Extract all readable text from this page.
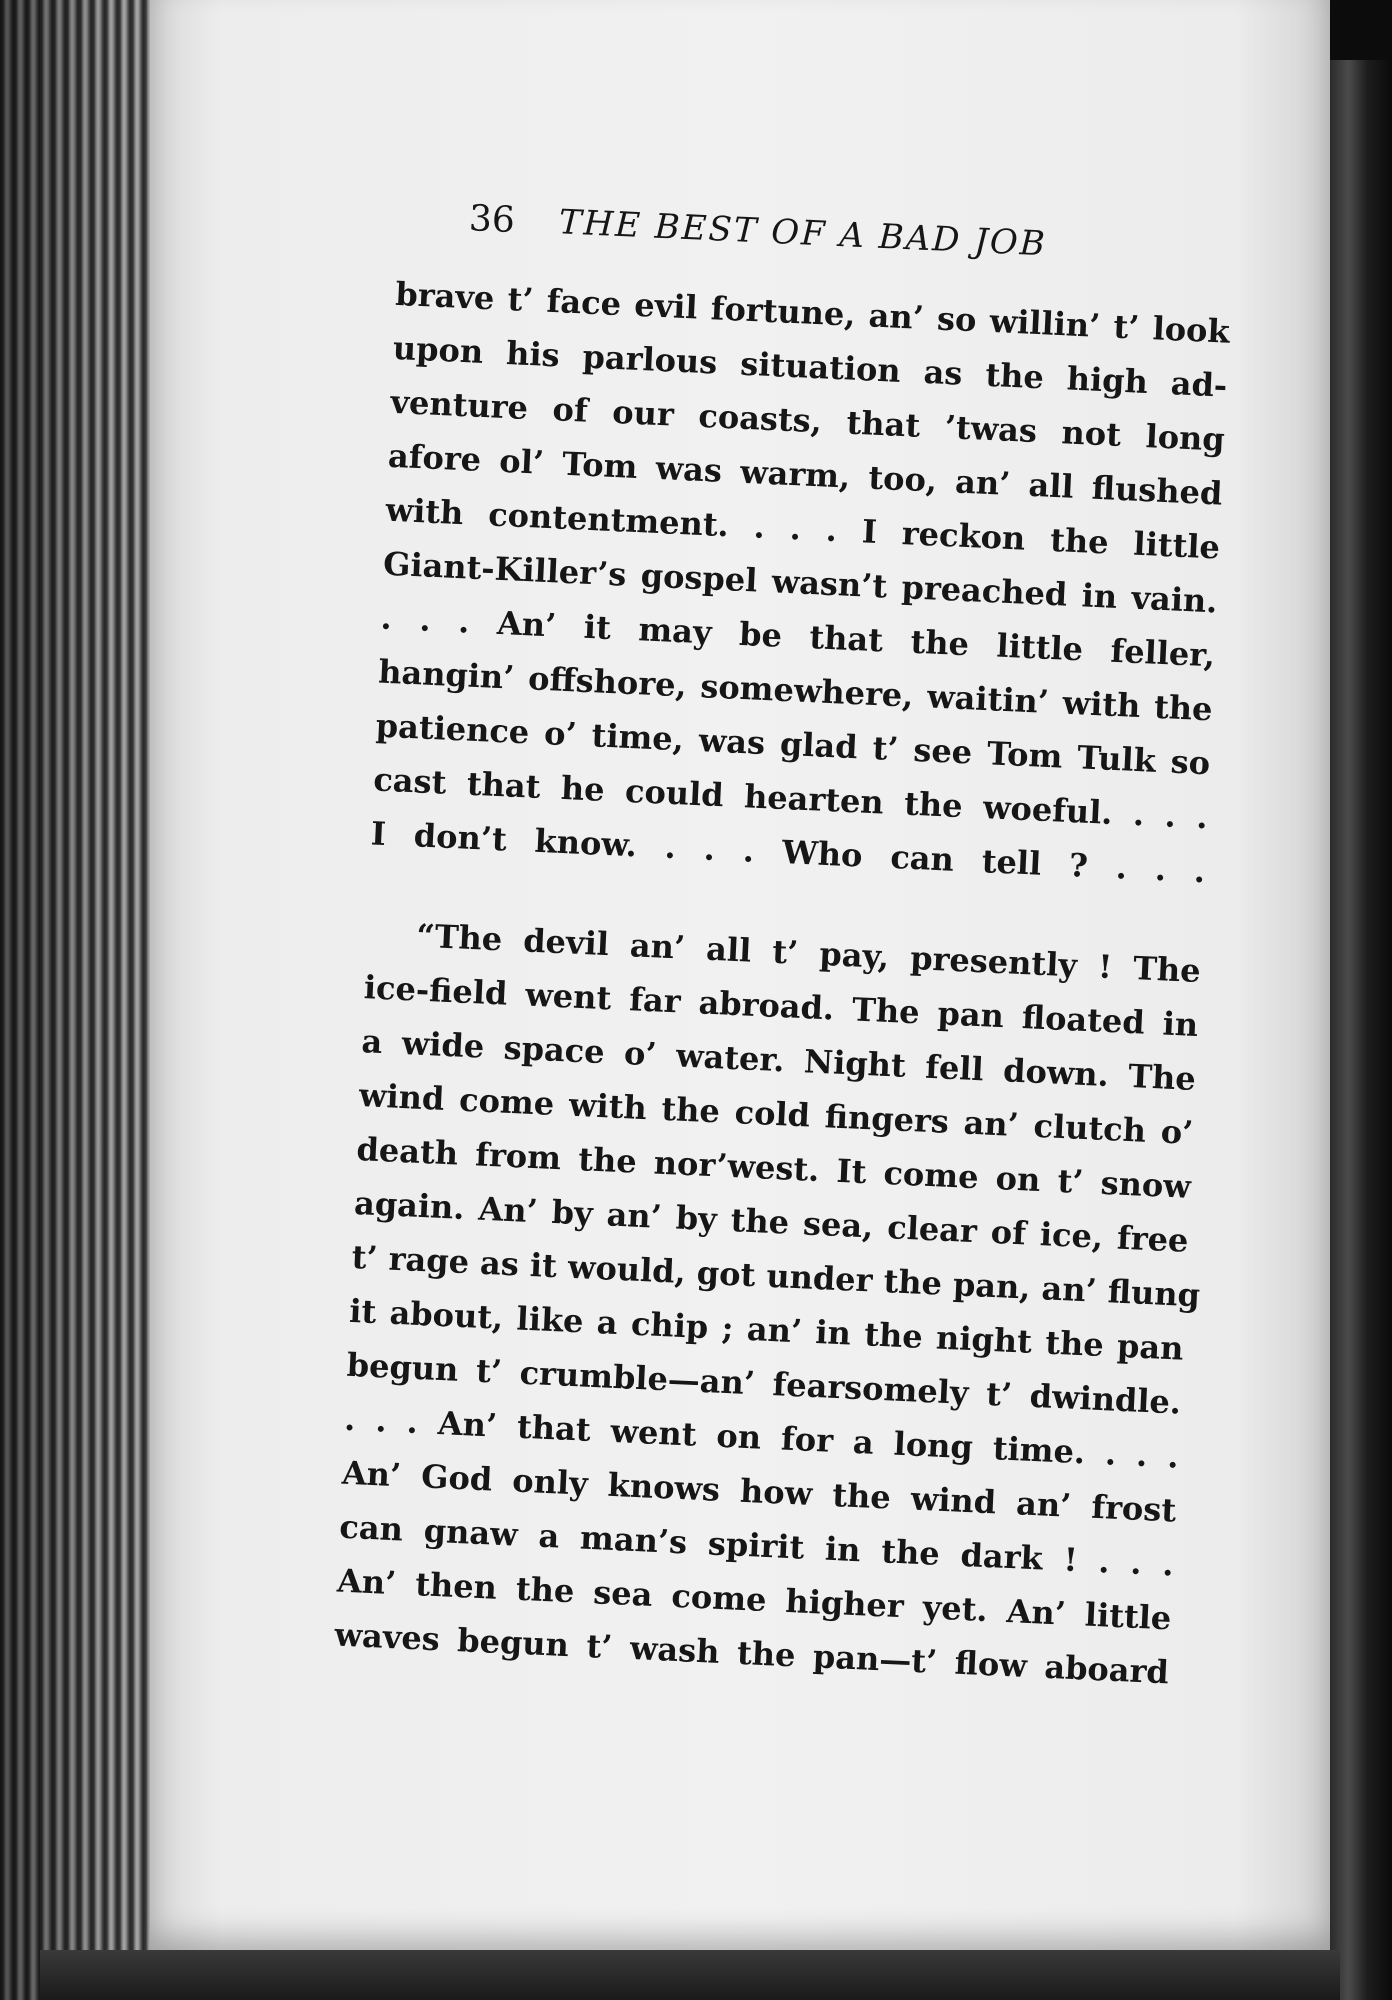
36 THE BEST OF A BAD JOB
brave t’ face evil fortune, an’ so willin’ t’ look
upon his parlous situation as the high ad-
venture of our coasts, that ’twas not long
afore ol’ Tom was warm, too, an’ all flushed
with contentment. . . . I reckon the little
Giant-Killer’s gospel wasn’t preached in vain.
. . . An’ it may be that the little feller,
hangin’ offshore, somewhere, waitin’ with the
patience o’ time, was glad t’ see Tom Tulk so
cast that he could hearten the woeful. . . .
I don’t know. . . . Who can tell ? . . .
“The devil an’ all t’ pay, presently ! The
ice-field went far abroad. The pan floated in
a wide space o’ water. Night fell down. The
wind come with the cold fingers an’ clutch o’
death from the nor’west. It come on t’ snow
again. An’ by an’ by the sea, clear of ice, free
t’ rage as it would, got under the pan, an’ flung
it about, like a chip ; an’ in the night the pan
begun t’ crumble—an’ fearsomely t’ dwindle.
. . . An’ that went on for a long time. . . .
An’ God only knows how the wind an’ frost
can gnaw a man’s spirit in the dark ! . . .
An’ then the sea come higher yet. An’ little
waves begun t’ wash the pan—t’ flow aboard
